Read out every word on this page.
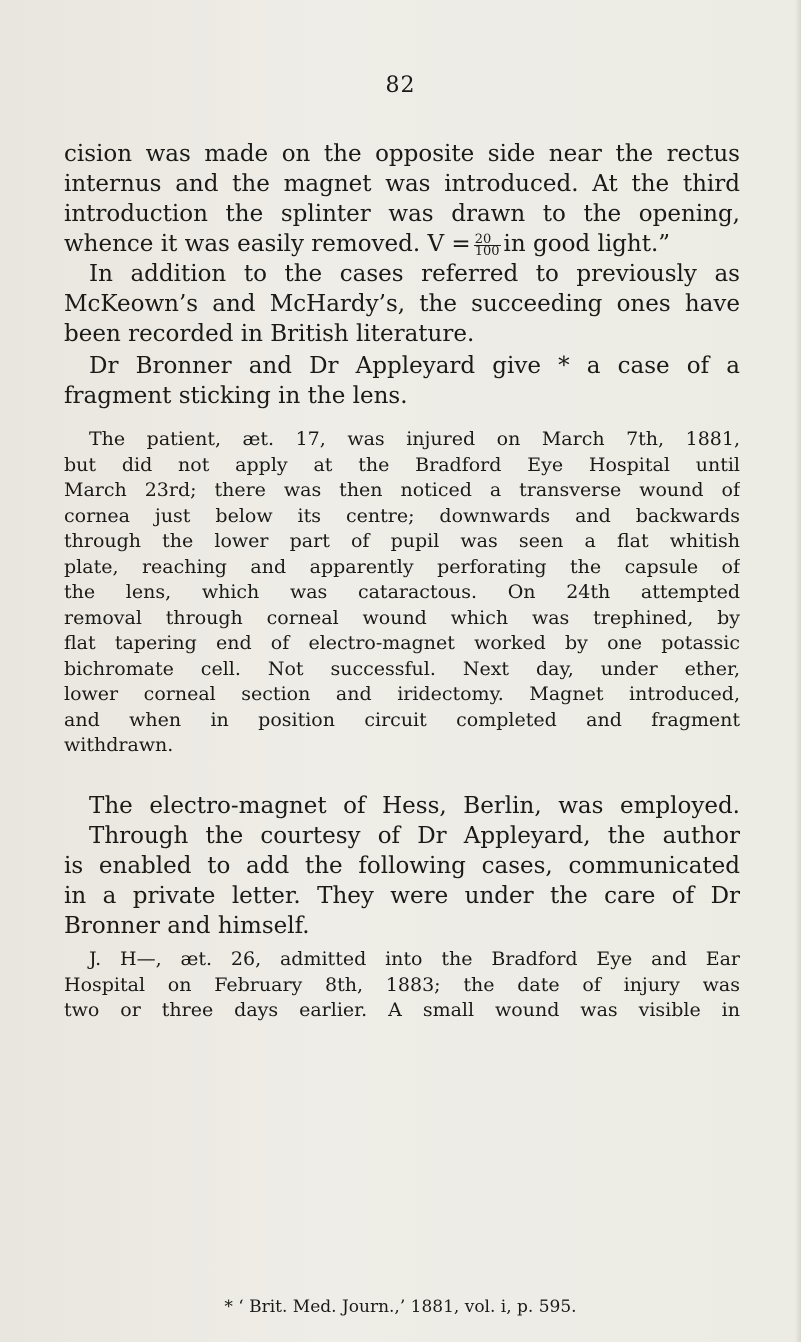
82
cision was made on the opposite side near the rectus
internus and the magnet was introduced. At the third
introduction the splinter was drawn to the opening,
whence it was easily removed. $V = \frac{20}{100}$ in good light.”
In addition to the cases referred to previously as
McKeown’s and McHardy’s, the succeeding ones have
been recorded in British literature.
Dr Bronner and Dr Appleyard give * a case of a
fragment sticking in the lens.
The patient, æt. 17, was injured on March 7th, 1881,
but did not apply at the Bradford Eye Hospital until
March 23rd; there was then noticed a transverse wound of
cornea just below its centre; downwards and backwards
through the lower part of pupil was seen a flat whitish
plate, reaching and apparently perforating the capsule of
the lens, which was cataractous. On 24th attempted
removal through corneal wound which was trephined, by
flat tapering end of electro-magnet worked by one potassic
bichromate cell. Not successful. Next day, under ether,
lower corneal section and iridectomy. Magnet introduced,
and when in position circuit completed and fragment
withdrawn.
The electro-magnet of Hess, Berlin, was employed.
Through the courtesy of Dr Appleyard, the author
is enabled to add the following cases, communicated
in a private letter. They were under the care of Dr
Bronner and himself.
J. H—, æt. 26, admitted into the Bradford Eye and Ear
Hospital on February 8th, 1883; the date of injury was
two or three days earlier. A small wound was visible in
* ‘ Brit. Med. Journ.,’ 1881, vol. i, p. 595.
